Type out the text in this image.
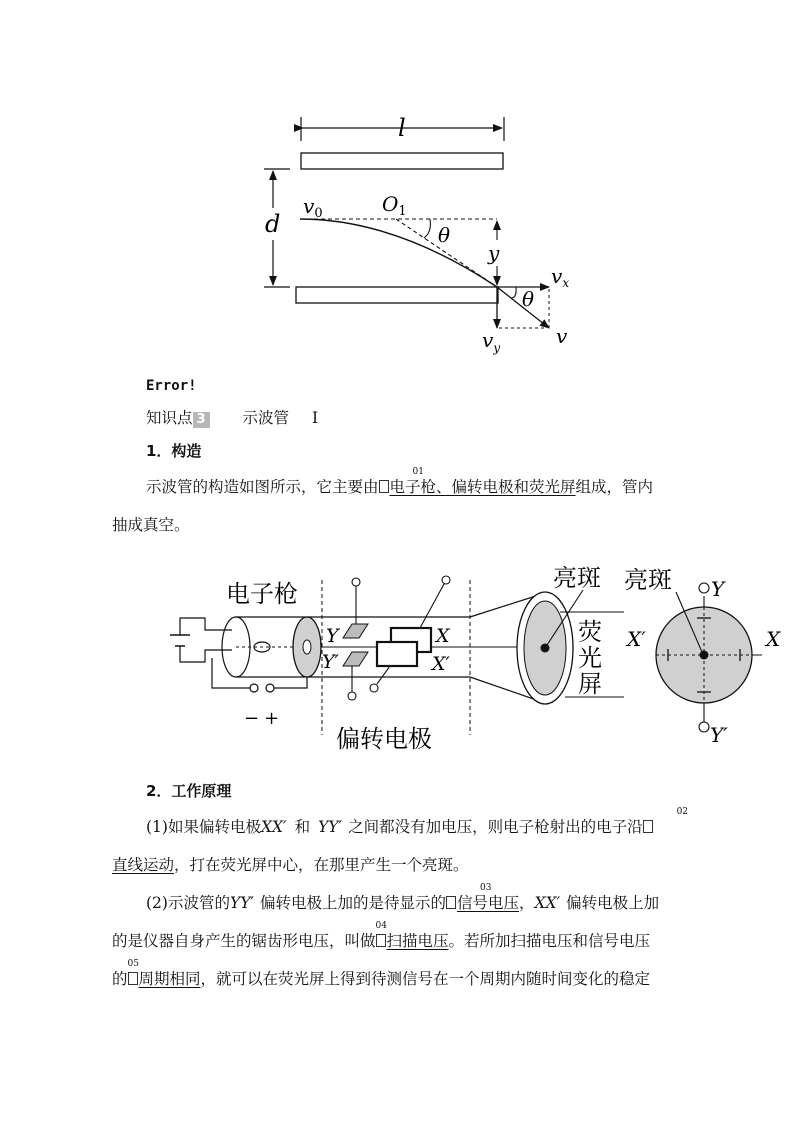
l
d
$v_0$	$O_1$
θ
y
$v_x$
$v_y$	v
θ
Error!
知识点 3 示波管 Ⅰ
1．构造
示波管的构造如图所示，它主要由
01
电子枪、偏转电极和荧光屏组成，管内
抽成真空。
− +
电子枪
Y
Y′
X
X′
偏转电极
亮斑
荧
光
屏
亮斑 Y
Y′
X′	X
2．工作原理
(1)如果偏转电极XX′ 和 YY′ 之间都没有加电压，则电子枪射出的电子沿
02
直线运动，打在荧光屏中心，在那里产生一个亮斑。
(2)示波管的YY′ 偏转电极上加的是待显示的
03
信号电压，XX′ 偏转电极上加
的是仪器自身产生的锯齿形电压，叫做
04
扫描电压。若所加扫描电压和信号电压
的
05
周期相同，就可以在荧光屏上得到待测信号在一个周期内随时间变化的稳定
